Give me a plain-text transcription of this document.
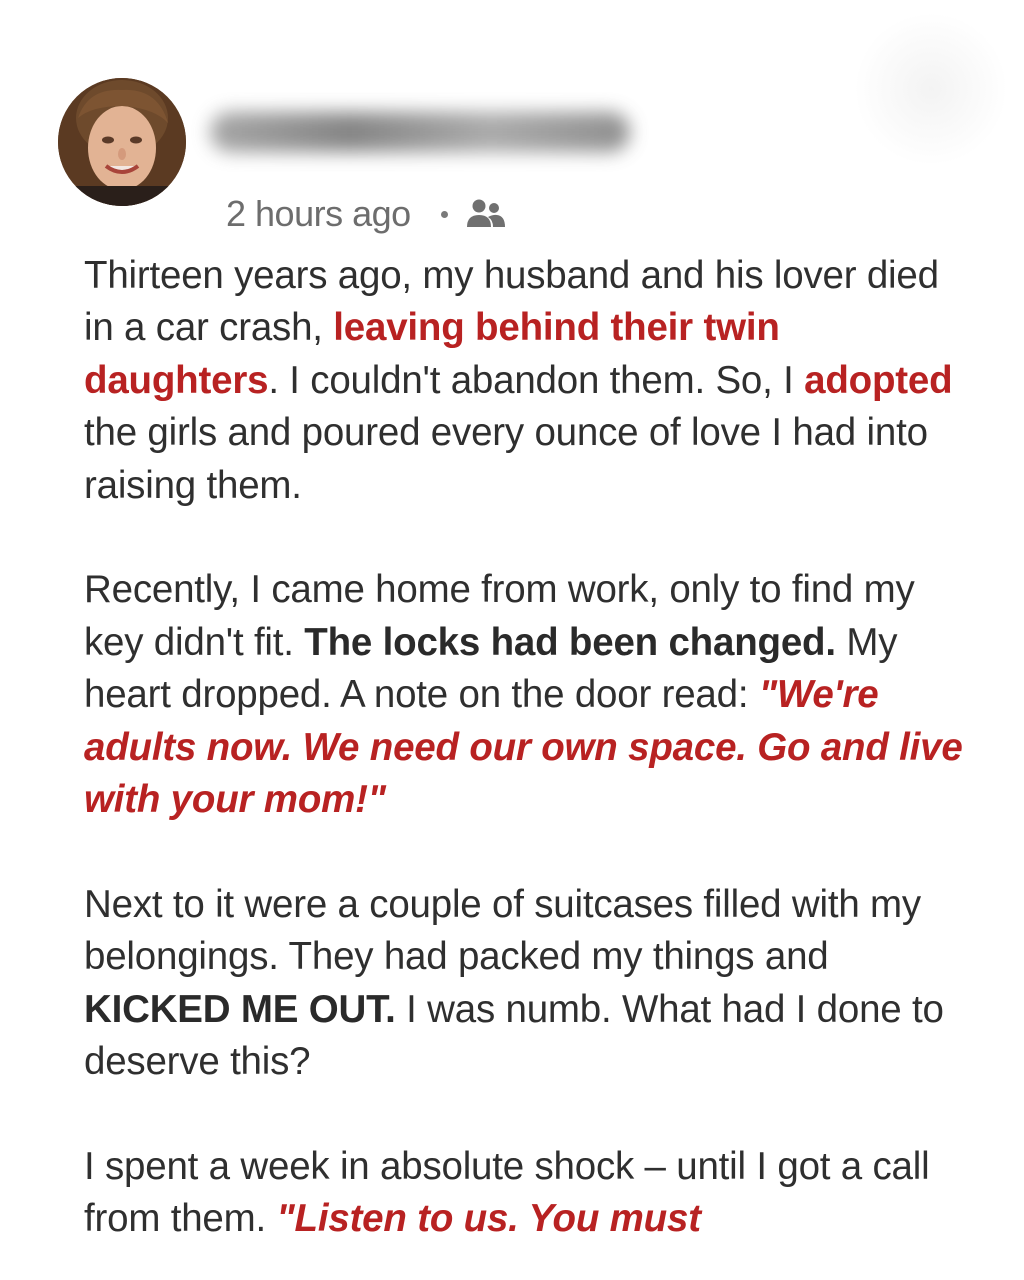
2 hours ago

Thirteen years ago, my husband and his lover died in a car crash, leaving behind their twin daughters. I couldn't abandon them. So, I adopted the girls and poured every ounce of love I had into raising them.

Recently, I came home from work, only to find my key didn't fit. The locks had been changed. My heart dropped. A note on the door read: "We're adults now. We need our own space. Go and live with your mom!"

Next to it were a couple of suitcases filled with my belongings. They had packed my things and KICKED ME OUT. I was numb. What had I done to deserve this?

I spent a week in absolute shock – until I got a call from them. "Listen to us. You must
